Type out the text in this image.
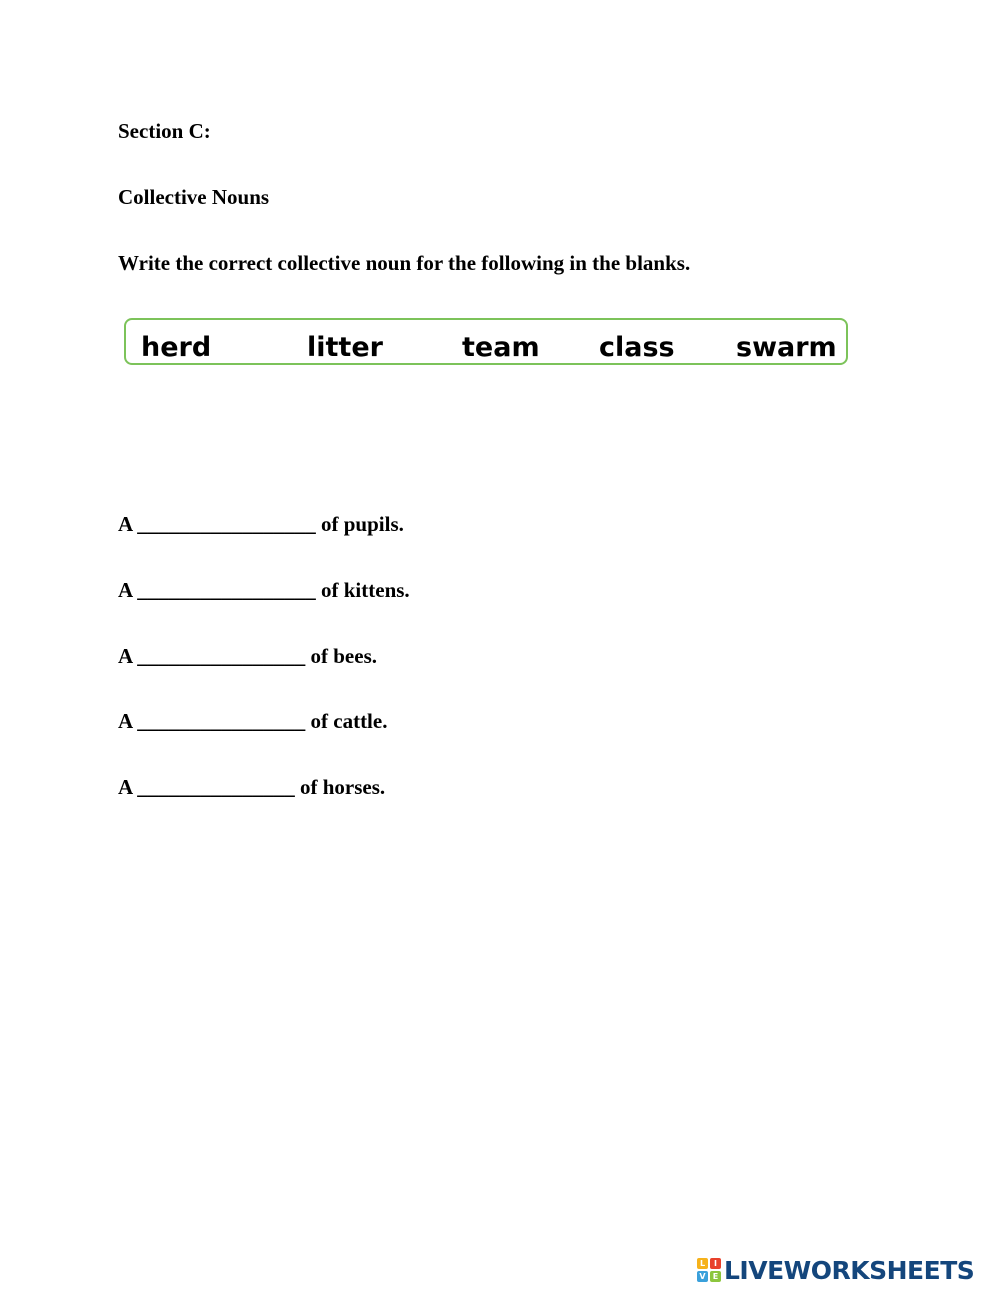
Section C:
Collective Nouns
Write the correct collective noun for the following in the blanks.
herd	litter	team class swarm
A _________________ of pupils.
A _________________ of kittens.
A ________________ of bees.
A ________________ of cattle.
A _______________ of horses.
L	I
V E LIVEWORKSHEETS
